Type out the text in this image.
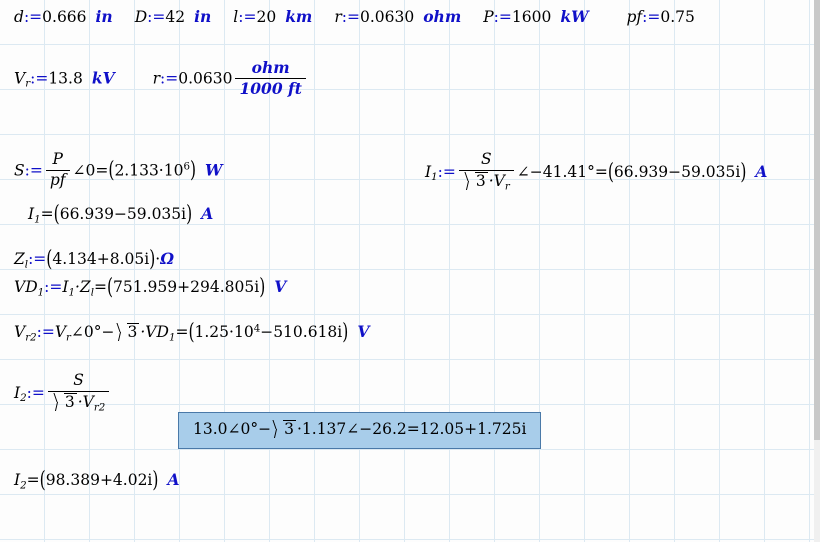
d:=0.666 in D:=42 in l:=20 km r:=0.0630 ohm P:=1600 kW pf:=0.75
$V_r:=13.8$ kV r:=0.0630 $\frac{\text{ohm}}{1000 ft}$
S:= $\frac{P}{pf}$ $\angle 0=(2.133\cdot 10^6)$ W	$I_1:= \frac{S}{3 \cdot V_r}$ ∠−41.41°=(66.939−59.035i) A
$I_1=(66.939-59.035i)$ A
$Z_l:=(4.134+8.05i)\cdot\Omega$
$VD_1:=I_1\cdot Z_l=(751.959+294.805i)$ V
$V_{r2}:=V_r\angle 0^\circ- 3 \cdot VD_1=(1.25\cdot 10^4-510.618i)$ V
$I_2:= \frac{S}{3 \cdot V_{r2}}$
13.0∠0°− 3 ·1.137∠−26.2=12.05+1.725i
$I_2=(98.389+4.02i)$ A
